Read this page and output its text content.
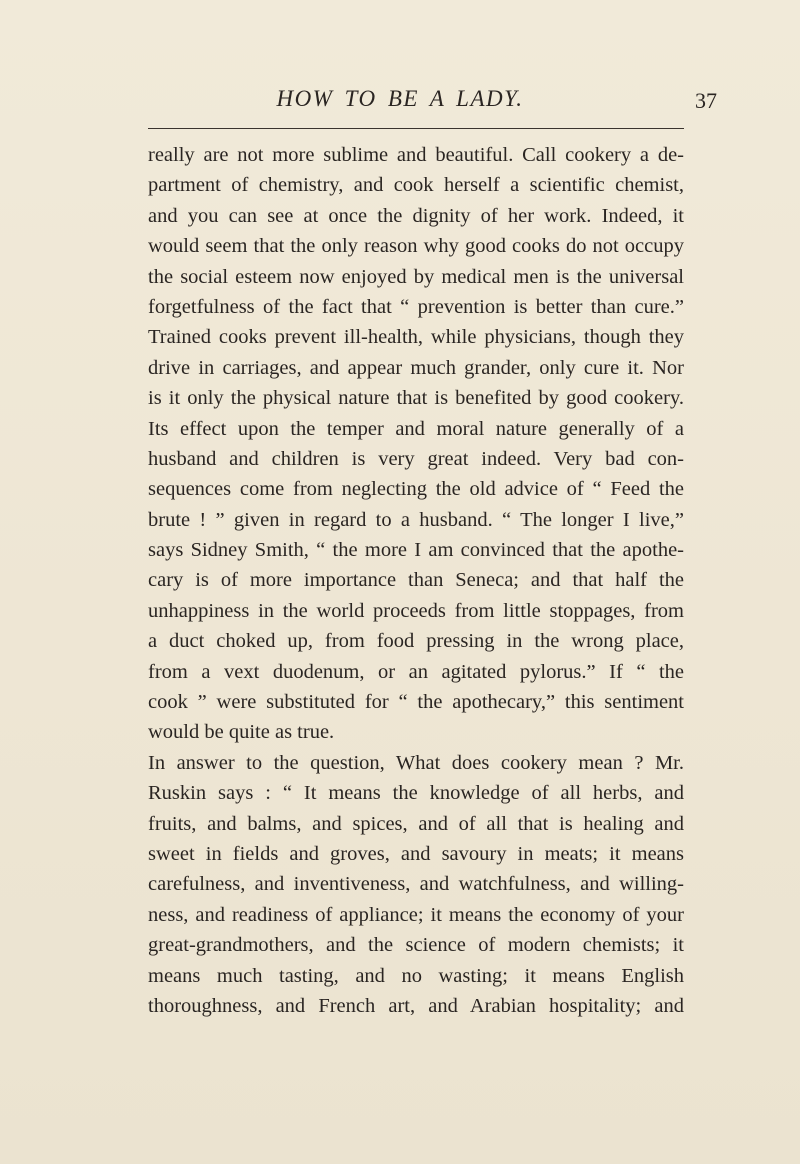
HOW TO BE A LADY.	37
really are not more sublime and beautiful. Call cookery a de-
partment of chemistry, and cook herself a scientific chemist,
and you can see at once the dignity of her work. Indeed, it
would seem that the only reason why good cooks do not occupy
the social esteem now enjoyed by medical men is the universal
forgetfulness of the fact that “ prevention is better than cure.”
Trained cooks prevent ill-health, while physicians, though they
drive in carriages, and appear much grander, only cure it. Nor
is it only the physical nature that is benefited by good cookery.
Its effect upon the temper and moral nature generally of a
husband and children is very great indeed. Very bad con-
sequences come from neglecting the old advice of “ Feed the
brute ! ” given in regard to a husband. “ The longer I live,”
says Sidney Smith, “ the more I am convinced that the apothe-
cary is of more importance than Seneca; and that half the
unhappiness in the world proceeds from little stoppages, from
a duct choked up, from food pressing in the wrong place,
from a vext duodenum, or an agitated pylorus.” If “ the
cook ” were substituted for “ the apothecary,” this sentiment
would be quite as true.
In answer to the question, What does cookery mean ? Mr.
Ruskin says : “ It means the knowledge of all herbs, and
fruits, and balms, and spices, and of all that is healing and
sweet in fields and groves, and savoury in meats; it means
carefulness, and inventiveness, and watchfulness, and willing-
ness, and readiness of appliance; it means the economy of your
great-grandmothers, and the science of modern chemists; it
means much tasting, and no wasting; it means English
thoroughness, and French art, and Arabian hospitality; and
